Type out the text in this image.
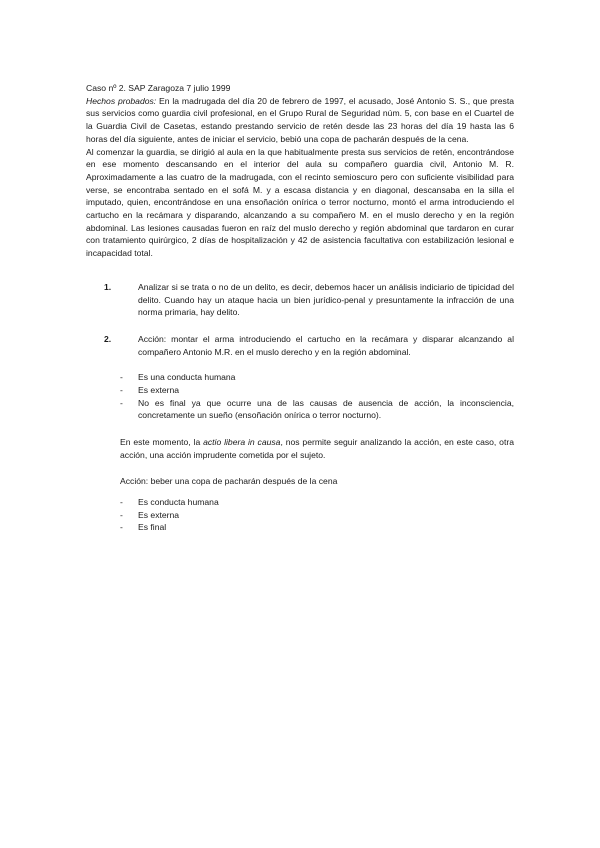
Caso nº 2. SAP Zaragoza 7 julio 1999

Hechos probados: En la madrugada del día 20 de febrero de 1997, el acusado, José Antonio S. S., que presta sus servicios como guardia civil profesional, en el Grupo Rural de Seguridad núm. 5, con base en el Cuartel de la Guardia Civil de Casetas, estando prestando servicio de retén desde las 23 horas del día 19 hasta las 6 horas del día siguiente, antes de iniciar el servicio, bebió una copa de pacharán después de la cena.

Al comenzar la guardia, se dirigió al aula en la que habitualmente presta sus servicios de retén, encontrándose en ese momento descansando en el interior del aula su compañero guardia civil, Antonio M. R. Aproximadamente a las cuatro de la madrugada, con el recinto semioscuro pero con suficiente visibilidad para verse, se encontraba sentado en el sofá M. y a escasa distancia y en diagonal, descansaba en la silla el imputado, quien, encontrándose en una ensoñación onírica o terror nocturno, montó el arma introduciendo el cartucho en la recámara y disparando, alcanzando a su compañero M. en el muslo derecho y en la región abdominal. Las lesiones causadas fueron en raíz del muslo derecho y región abdominal que tardaron en curar con tratamiento quirúrgico, 2 días de hospitalización y 42 de asistencia facultativa con estabilización lesional e incapacidad total.

1.	Analizar si se trata o no de un delito, es decir, debemos hacer un análisis indiciario de tipicidad del delito. Cuando hay un ataque hacia un bien jurídico-penal y presuntamente la infracción de una norma primaria, hay delito.
2.	Acción: montar el arma introduciendo el cartucho en la recámara y disparar alcanzando al compañero Antonio M.R. en el muslo derecho y en la región abdominal.
- Es una conducta humana
- Es externa
- No es final ya que ocurre una de las causas de ausencia de acción, la inconsciencia, concretamente un sueño (ensoñación onírica o terror nocturno).

En este momento, la actio libera in causa, nos permite seguir analizando la acción, en este caso, otra acción, una acción imprudente cometida por el sujeto.

Acción: beber una copa de pacharán después de la cena

- Es conducta humana
- Es externa
- Es final
